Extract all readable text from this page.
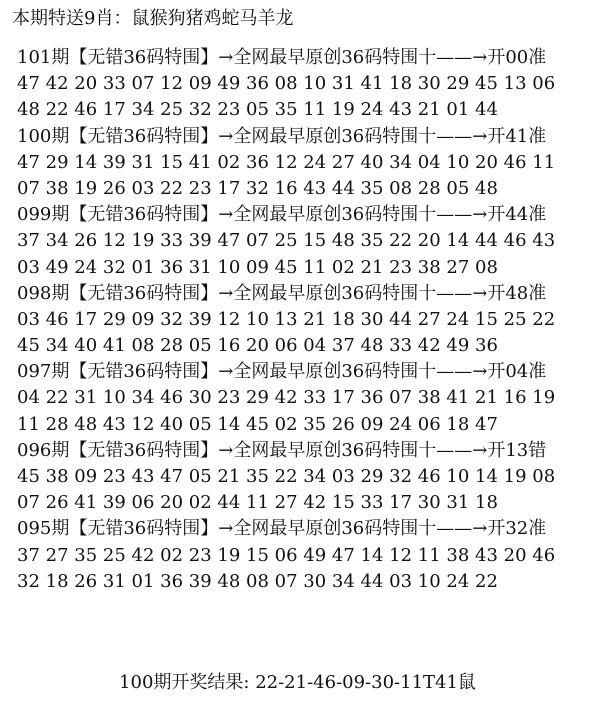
本期特送9肖：鼠猴狗猪鸡蛇马羊龙
101期【无错36码特围】→全网最早原创36码特围十——→开00准
47 42 20 33 07 12 09 49 36 08 10 31 41 18 30 29 45 13 06
48 22 46 17 34 25 32 23 05 35 11 19 24 43 21 01 44
100期【无错36码特围】→全网最早原创36码特围十——→开41准
47 29 14 39 31 15 41 02 36 12 24 27 40 34 04 10 20 46 11
07 38 19 26 03 22 23 17 32 16 43 44 35 08 28 05 48
099期【无错36码特围】→全网最早原创36码特围十——→开44准
37 34 26 12 19 33 39 47 07 25 15 48 35 22 20 14 44 46 43
03 49 24 32 01 36 31 10 09 45 11 02 21 23 38 27 08
098期【无错36码特围】→全网最早原创36码特围十——→开48准
03 46 17 29 09 32 39 12 10 13 21 18 30 44 27 24 15 25 22
45 34 40 41 08 28 05 16 20 06 04 37 48 33 42 49 36
097期【无错36码特围】→全网最早原创36码特围十——→开04准
04 22 31 10 34 46 30 23 29 42 33 17 36 07 38 41 21 16 19
11 28 48 43 12 40 05 14 45 02 35 26 09 24 06 18 47
096期【无错36码特围】→全网最早原创36码特围十——→开13错
45 38 09 23 43 47 05 21 35 22 34 03 29 32 46 10 14 19 08
07 26 41 39 06 20 02 44 11 27 42 15 33 17 30 31 18
095期【无错36码特围】→全网最早原创36码特围十——→开32准
37 27 35 25 42 02 23 19 15 06 49 47 14 12 11 38 43 20 46
32 18 26 31 01 36 39 48 08 07 30 34 44 03 10 24 22
100期开奖结果: 22-21-46-09-30-11T41鼠
